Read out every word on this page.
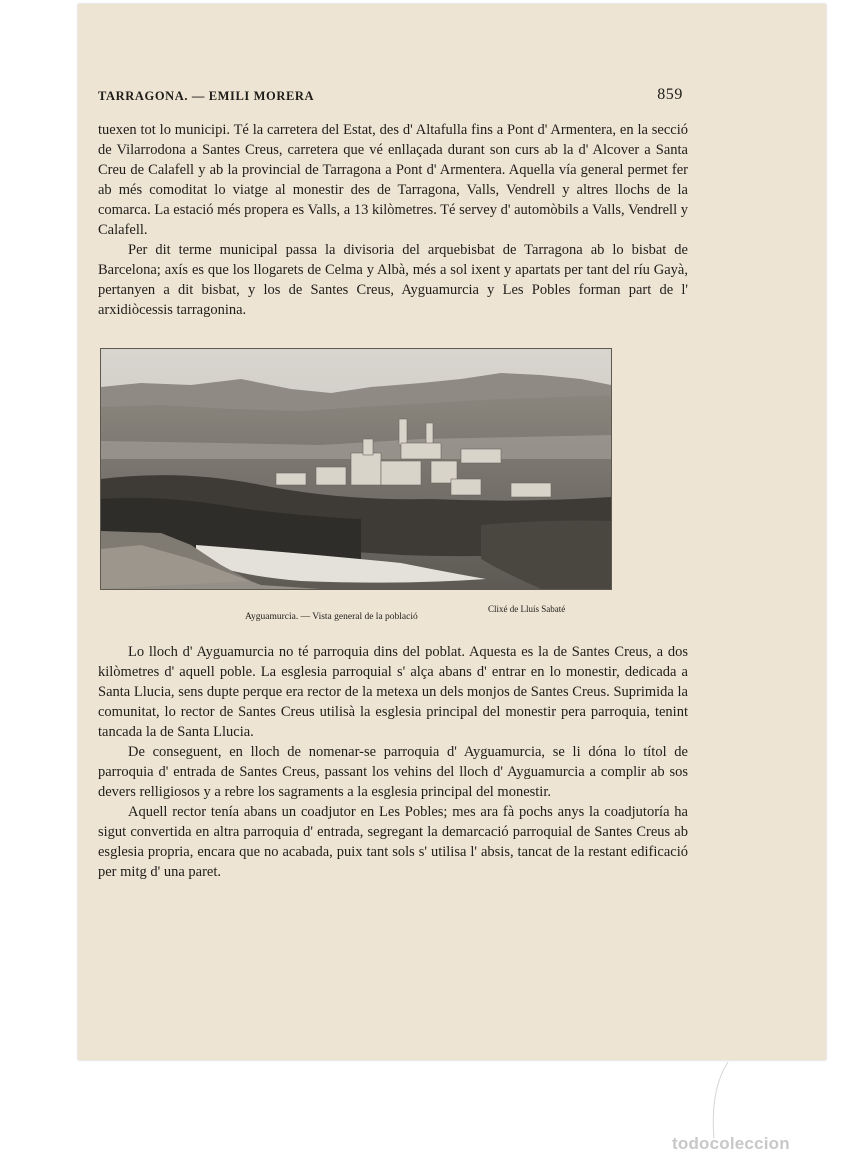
TARRAGONA. — EMILI MORERA	859

tuexen tot lo municipi. Té la carretera del Estat, des d' Altafulla fins a Pont d' Armentera, en la secció de Vilarrodona a Santes Creus, carretera que vé enllaçada durant son curs ab la d' Alcover a Santa Creu de Calafell y ab la provincial de Tarragona a Pont d' Armentera. Aquella vía general permet fer ab més comoditat lo viatge al monestir des de Tarragona, Valls, Vendrell y altres llochs de la comarca. La estació més propera es Valls, a 13 kilòmetres. Té servey d' automòbils a Valls, Vendrell y Calafell.

Per dit terme municipal passa la divisoria del arquebisbat de Tarragona ab lo bisbat de Barcelona; axís es que los llogarets de Celma y Albà, més a sol ixent y apartats per tant del ríu Gayà, pertanyen a dit bisbat, y los de Santes Creus, Ayguamurcia y Les Pobles forman part de l' arxidiòcessis tarragonina.

Ayguamurcia. — Vista general de la població
Clixé de Lluís Sabaté

Lo lloch d' Ayguamurcia no té parroquia dins del poblat. Aquesta es la de Santes Creus, a dos kilòmetres d' aquell poble. La esglesia parroquial s' alça abans d' entrar en lo monestir, dedicada a Santa Llucia, sens dupte perque era rector de la metexa un dels monjos de Santes Creus. Suprimida la comunitat, lo rector de Santes Creus utilisà la esglesia principal del monestir pera parroquia, tenint tancada la de Santa Llucia.

De conseguent, en lloch de nomenar-se parroquia d' Ayguamurcia, se li dóna lo títol de parroquia d' entrada de Santes Creus, passant los vehins del lloch d' Ayguamurcia a complir ab sos devers relligiosos y a rebre los sagraments a la esglesia principal del monestir.

Aquell rector tenía abans un coadjutor en Les Pobles; mes ara fà pochs anys la coadjutoría ha sigut convertida en altra parroquia d' entrada, segregant la demarcació parroquial de Santes Creus ab esglesia propria, encara que no acabada, puix tant sols s' utilisa l' absis, tancat de la restant edificació per mitg d' una paret.

todocoleccion
